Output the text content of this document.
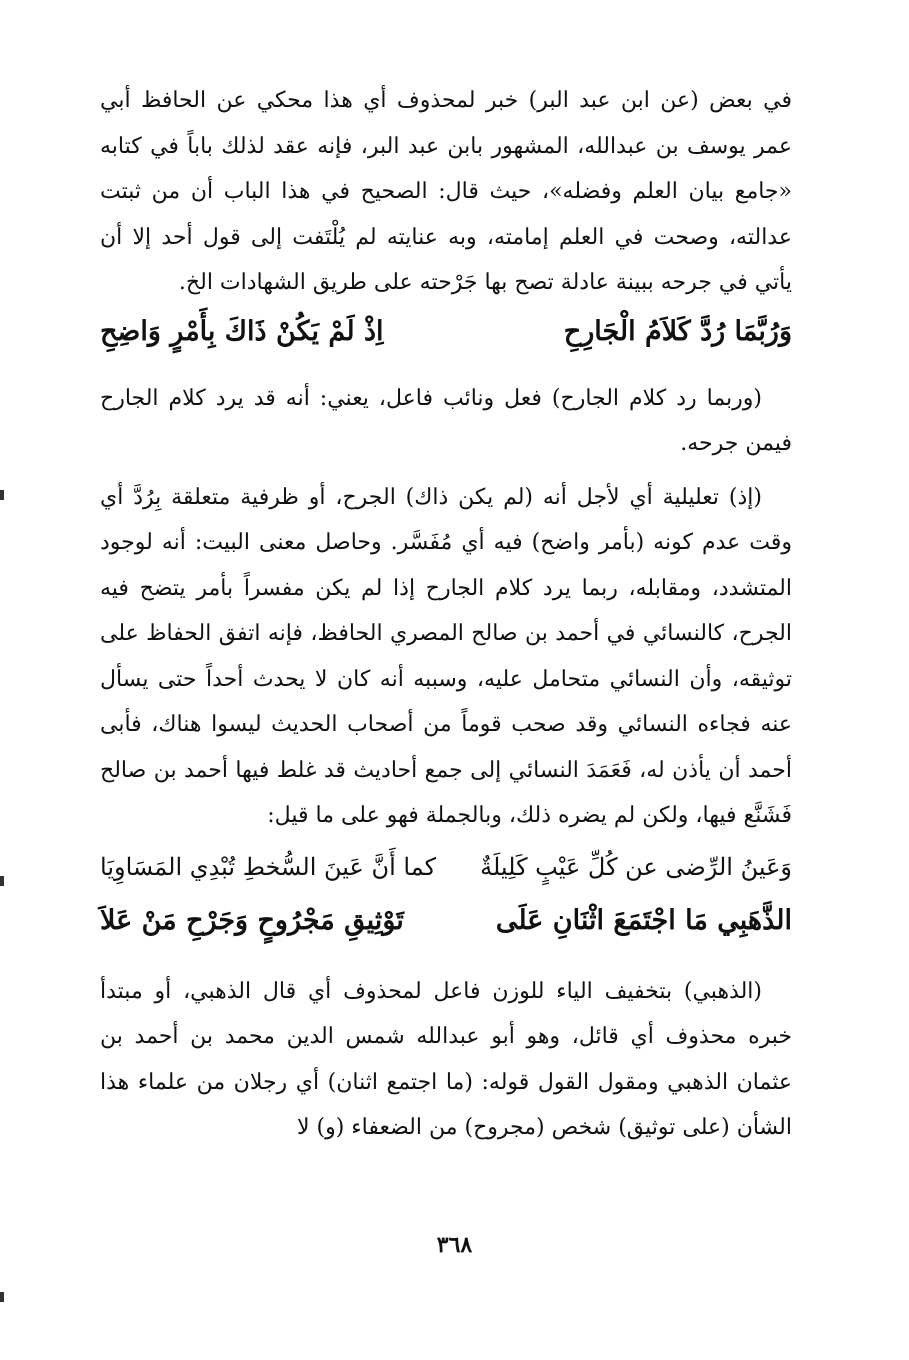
في بعض (عن ابن عبد البر) خبر لمحذوف أي هذا محكي عن الحافظ أبي عمر يوسف بن عبدالله، المشهور بابن عبد البر، فإنه عقد لذلك باباً في كتابه «جامع بيان العلم وفضله»، حيث قال: الصحيح في هذا الباب أن من ثبتت عدالته، وصحت في العلم إمامته، وبه عنايته لم يُلْتَفت إلى قول أحد إلا أن يأتي في جرحه ببينة عادلة تصح بها جَرْحته على طريق الشهادات الخ.

وَرُبَّمَا رُدَّ كَلاَمُ الْجَارِحِ
اِذْ لَمْ يَكُنْ ذَاكَ بِأَمْرٍ وَاضِحِ

(وربما رد كلام الجارح) فعل ونائب فاعل، يعني: أنه قد يرد كلام الجارح فيمن جرحه.

(إذ) تعليلية أي لأجل أنه (لم يكن ذاك) الجرح، أو ظرفية متعلقة بِرُدَّ أي وقت عدم كونه (بأمر واضح) فيه أي مُفَسَّر. وحاصل معنى البيت: أنه لوجود المتشدد، ومقابله، ربما يرد كلام الجارح إذا لم يكن مفسراً بأمر يتضح فيه الجرح، كالنسائي في أحمد بن صالح المصري الحافظ، فإنه اتفق الحفاظ على توثيقه، وأن النسائي متحامل عليه، وسببه أنه كان لا يحدث أحداً حتى يسأل عنه فجاءه النسائي وقد صحب قوماً من أصحاب الحديث ليسوا هناك، فأبى أحمد أن يأذن له، فَعَمَدَ النسائي إلى جمع أحاديث قد غلط فيها أحمد بن صالح فَشَنَّع فيها، ولكن لم يضره ذلك، وبالجملة فهو على ما قيل:

وَعَينُ الرِّضى عن كُلِّ عَيْبٍ كَلِيلَةٌ
كما أَنَّ عَينَ السُّخطِ تُبْدِي المَسَاوِيَا
الذَّهَبِي مَا اجْتَمَعَ اثْنَانِ عَلَى
تَوْثِيقِ مَجْرُوحٍ وَجَرْحِ مَنْ عَلاَ

(الذهبي) بتخفيف الياء للوزن فاعل لمحذوف أي قال الذهبي، أو مبتدأ خبره محذوف أي قائل، وهو أبو عبدالله شمس الدين محمد بن أحمد بن عثمان الذهبي ومقول القول قوله: (ما اجتمع اثنان) أي رجلان من علماء هذا الشأن (على توثيق) شخص (مجروح) من الضعفاء (و) لا

٣٦٨
